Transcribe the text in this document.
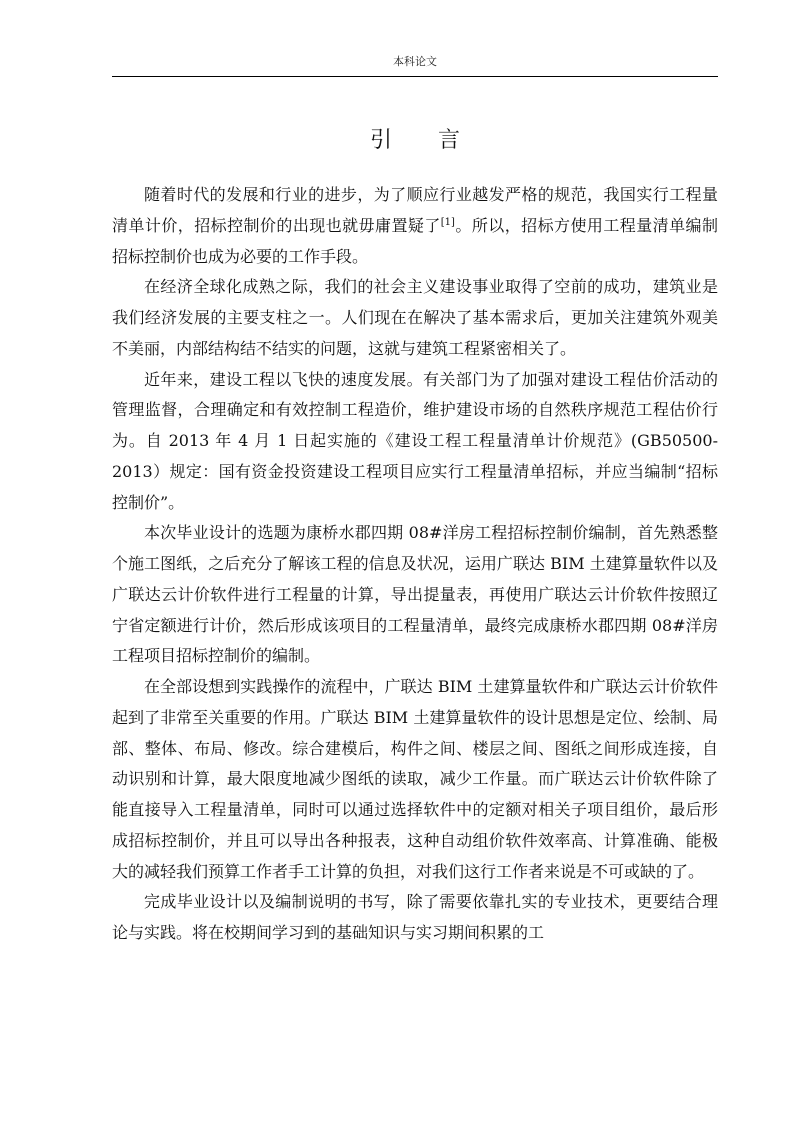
本科论文
引 言

随着时代的发展和行业的进步，为了顺应行业越发严格的规范，我国实行工程量清单计价，招标控制价的出现也就毋庸置疑了[1]。所以，招标方使用工程量清单编制招标控制价也成为必要的工作手段。

在经济全球化成熟之际，我们的社会主义建设事业取得了空前的成功，建筑业是我们经济发展的主要支柱之一。人们现在在解决了基本需求后，更加关注建筑外观美不美丽，内部结构结不结实的问题，这就与建筑工程紧密相关了。

近年来，建设工程以飞快的速度发展。有关部门为了加强对建设工程估价活动的管理监督，合理确定和有效控制工程造价，维护建设市场的自然秩序规范工程估价行为。自 2013 年 4 月 1 日起实施的《建设工程工程量清单计价规范》(GB50500-2013）规定：国有资金投资建设工程项目应实行工程量清单招标，并应当编制“招标控制价”。

本次毕业设计的选题为康桥水郡四期 08#洋房工程招标控制价编制，首先熟悉整个施工图纸，之后充分了解该工程的信息及状况，运用广联达 BIM 土建算量软件以及广联达云计价软件进行工程量的计算，导出提量表，再使用广联达云计价软件按照辽宁省定额进行计价，然后形成该项目的工程量清单，最终完成康桥水郡四期 08#洋房工程项目招标控制价的编制。

在全部设想到实践操作的流程中，广联达 BIM 土建算量软件和广联达云计价软件起到了非常至关重要的作用。广联达 BIM 土建算量软件的设计思想是定位、绘制、局部、整体、布局、修改。综合建模后，构件之间、楼层之间、图纸之间形成连接，自动识别和计算，最大限度地减少图纸的读取，减少工作量。而广联达云计价软件除了能直接导入工程量清单，同时可以通过选择软件中的定额对相关子项目组价，最后形成招标控制价，并且可以导出各种报表，这种自动组价软件效率高、计算准确、能极大的减轻我们预算工作者手工计算的负担，对我们这行工作者来说是不可或缺的了。

完成毕业设计以及编制说明的书写，除了需要依靠扎实的专业技术，更要结合理论与实践。将在校期间学习到的基础知识与实习期间积累的工
